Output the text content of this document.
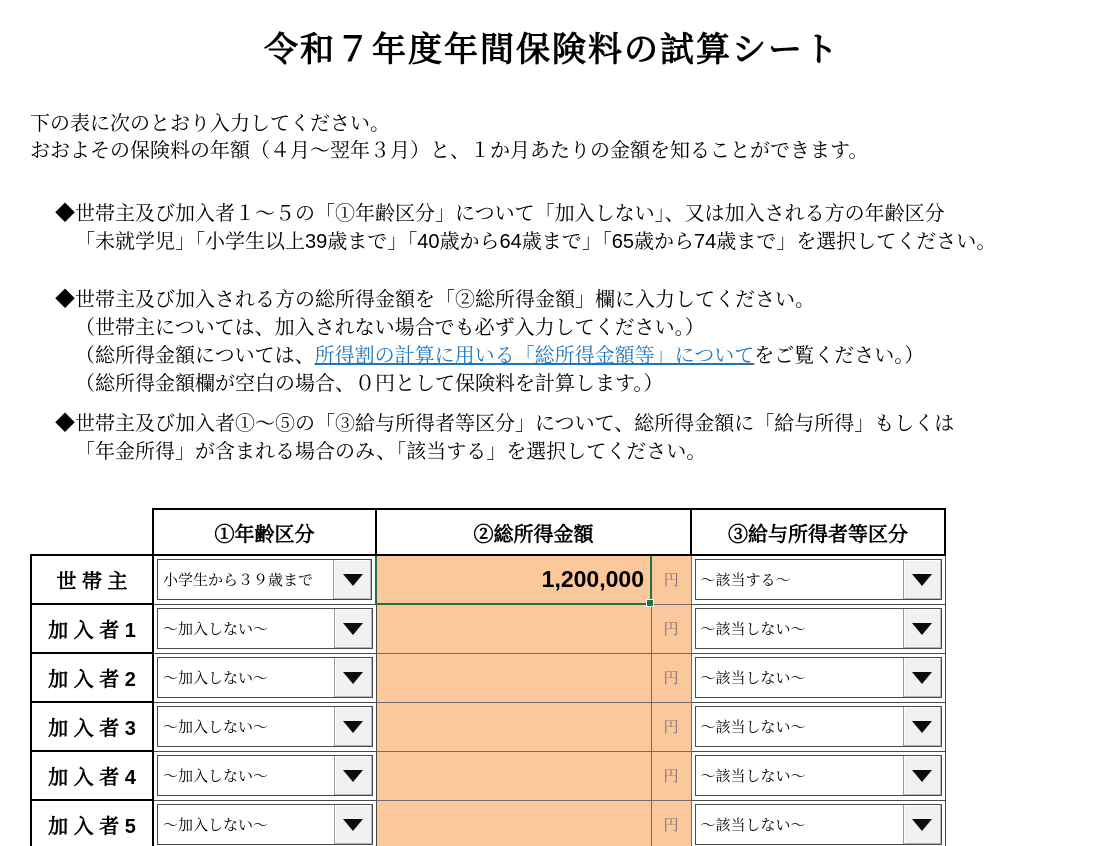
令和７年度年間保険料の試算シート
下の表に次のとおり入力してください。
おおよその保険料の年額（４月～翌年３月）と、１か月あたりの金額を知ることができます。
◆世帯主及び加入者１～５の「①年齢区分」について「加入しない」、又は加入される方の年齢区分
「未就学児」「小学生以上39歳まで」「40歳から64歳まで」「65歳から74歳まで」を選択してください。
◆世帯主及び加入される方の総所得金額を「②総所得金額」欄に入力してください。
（世帯主については、加入されない場合でも必ず入力してください。）
（総所得金額については、所得割の計算に用いる「総所得金額等」についてをご覧ください。）
（総所得金額欄が空白の場合、０円として保険料を計算します。）
◆世帯主及び加入者①～⑤の「③給与所得者等区分」について、総所得金額に「給与所得」もしくは
「年金所得」が含まれる場合のみ、「該当する」を選択してください。
	①年齢区分	②総所得金額		③給与所得者等区分
世 帯 主	小学生から３９歳まで	1,200,000	円	～該当する～

加 入 者 1	～加入しない～		円	～該当しない～

加 入 者 2	～加入しない～		円	～該当しない～

加 入 者 3	～加入しない～		円	～該当しない～

加 入 者 4	～加入しない～		円	～該当しない～

加 入 者 5	～加入しない～		円	～該当しない～
